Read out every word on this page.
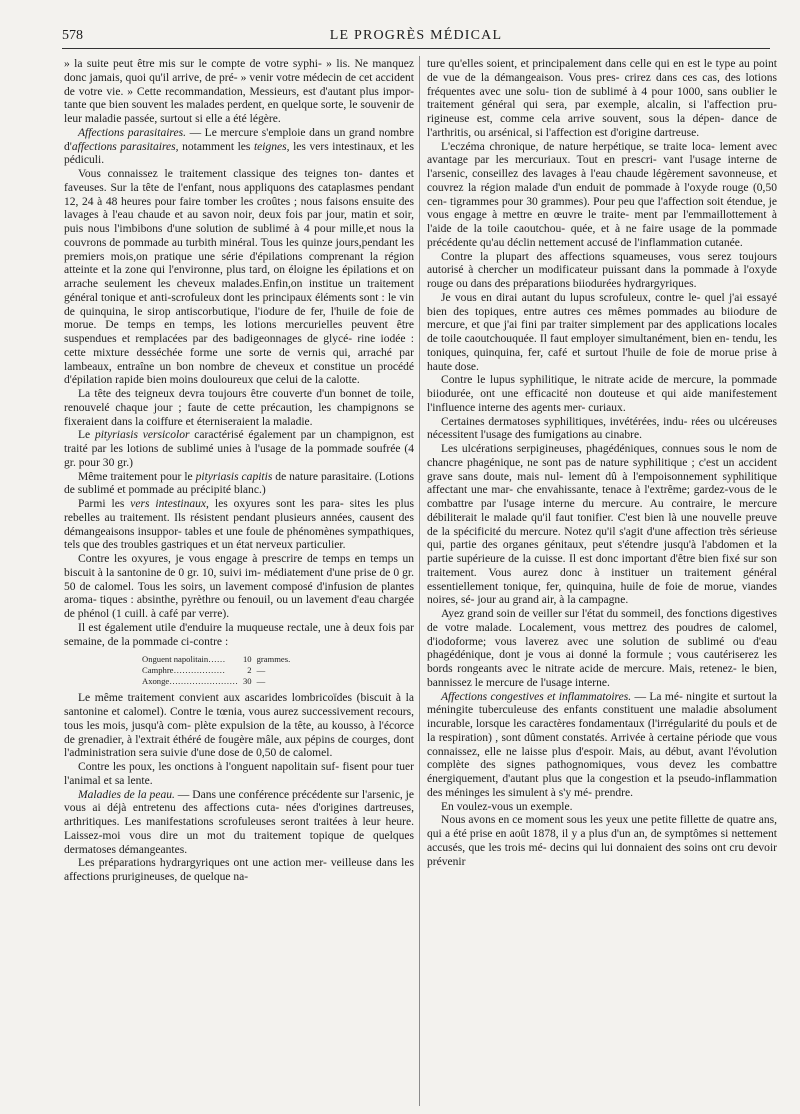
578	LE PROGRÈS MÉDICAL

» la suite peut être mis sur le compte de votre syphi- » lis. Ne manquez donc jamais, quoi qu'il arrive, de pré- » venir votre médecin de cet accident de votre vie. » Cette recommandation, Messieurs, est d'autant plus impor- tante que bien souvent les malades perdent, en quelque sorte, le souvenir de leur maladie passée, surtout si elle a été légère.

Affections parasitaires. — Le mercure s'emploie dans un grand nombre d'affections parasitaires, notamment les teignes, les vers intestinaux, et les pédiculi.

Vous connaissez le traitement classique des teignes ton- dantes et faveuses. Sur la tête de l'enfant, nous appliquons des cataplasmes pendant 12, 24 à 48 heures pour faire tomber les croûtes ; nous faisons ensuite des lavages à l'eau chaude et au savon noir, deux fois par jour, matin et soir, puis nous l'imbibons d'une solution de sublimé à 4 pour mille,et nous la couvrons de pommade au turbith minéral. Tous les quinze jours,pendant les premiers mois,on pratique une série d'épilations comprenant la région atteinte et la zone qui l'environne, plus tard, on éloigne les épilations et on arrache seulement les cheveux malades.Enfin,on institue un traitement général tonique et anti-scrofuleux dont les principaux éléments sont : le vin de quinquina, le sirop antiscorbutique, l'iodure de fer, l'huile de foie de morue. De temps en temps, les lotions mercurielles peuvent être suspendues et remplacées par des badigeonnages de glycé- rine iodée : cette mixture desséchée forme une sorte de vernis qui, arraché par lambeaux, entraîne un bon nombre de cheveux et constitue un procédé d'épilation rapide bien moins douloureux que celui de la calotte.

La tête des teigneux devra toujours être couverte d'un bonnet de toile, renouvelé chaque jour ; faute de cette précaution, les champignons se fixeraient dans la coiffure et éterniseraient la maladie.

Le pityriasis versicolor caractérisé également par un champignon, est traité par les lotions de sublimé unies à l'usage de la pommade soufrée (4 gr. pour 30 gr.)

Même traitement pour le pityriasis capitis de nature parasitaire. (Lotions de sublimé et pommade au précipité blanc.)

Parmi les vers intestinaux, les oxyures sont les para- sites les plus rebelles au traitement. Ils résistent pendant plusieurs années, causent des démangeaisons insuppor- tables et une foule de phénomènes sympathiques, tels que des troubles gastriques et un état nerveux particulier.

Contre les oxyures, je vous engage à prescrire de temps en temps un biscuit à la santonine de 0 gr. 10, suivi im- médiatement d'une prise de 0 gr. 50 de calomel. Tous les soirs, un lavement composé d'infusion de plantes aroma- tiques : absinthe, pyrèthre ou fenouil, ou un lavement d'eau chargée de phénol (1 cuill. à café par verre).

Il est également utile d'enduire la muqueuse rectale, une à deux fois par semaine, de la pommade ci-contre :

Onguent napolitain……	10	grammes.
Camphre………………	2	—
Axonge……………………	30	—

Le même traitement convient aux ascarides lombricoïdes (biscuit à la santonine et calomel). Contre le tœnia, vous aurez successivement recours, tous les mois, jusqu'à com- plète expulsion de la tête, au kousso, à l'écorce de grenadier, à l'extrait éthéré de fougère mâle, aux pépins de courges, dont l'administration sera suivie d'une dose de 0,50 de calomel.

Contre les poux, les onctions à l'onguent napolitain suf- fisent pour tuer l'animal et sa lente.

Maladies de la peau. — Dans une conférence précédente sur l'arsenic, je vous ai déjà entretenu des affections cuta- nées d'origines dartreuses, arthritiques. Les manifestations scrofuleuses seront traitées à leur heure. Laissez-moi vous dire un mot du traitement topique de quelques dermatoses démangeantes.

Les préparations hydrargyriques ont une action mer- veilleuse dans les affections prurigineuses, de quelque na-

ture qu'elles soient, et principalement dans celle qui en est le type au point de vue de la démangeaison. Vous pres- crirez dans ces cas, des lotions fréquentes avec une solu- tion de sublimé à 4 pour 1000, sans oublier le traitement général qui sera, par exemple, alcalin, si l'affection pru- rigineuse est, comme cela arrive souvent, sous la dépen- dance de l'arthritis, ou arsénical, si l'affection est d'origine dartreuse.

L'eczéma chronique, de nature herpétique, se traite loca- lement avec avantage par les mercuriaux. Tout en prescri- vant l'usage interne de l'arsenic, conseillez des lavages à l'eau chaude légèrement savonneuse, et couvrez la région malade d'un enduit de pommade à l'oxyde rouge (0,50 cen- tigrammes pour 30 grammes). Pour peu que l'affection soit étendue, je vous engage à mettre en œuvre le traite- ment par l'emmaillottement à l'aide de la toile caoutchou- quée, et à ne faire usage de la pommade précédente qu'au déclin nettement accusé de l'inflammation cutanée.

Contre la plupart des affections squameuses, vous serez toujours autorisé à chercher un modificateur puissant dans la pommade à l'oxyde rouge ou dans des préparations biiodurées hydrargyriques.

Je vous en dirai autant du lupus scrofuleux, contre le- quel j'ai essayé bien des topiques, entre autres ces mêmes pommades au biiodure de mercure, et que j'ai fini par traiter simplement par des applications locales de toile caoutchouquée. Il faut employer simultanément, bien en- tendu, les toniques, quinquina, fer, café et surtout l'huile de foie de morue prise à haute dose.

Contre le lupus syphilitique, le nitrate acide de mercure, la pommade biiodurée, ont une efficacité non douteuse et qui aide manifestement l'influence interne des agents mer- curiaux.

Certaines dermatoses syphilitiques, invétérées, indu- rées ou ulcéreuses nécessitent l'usage des fumigations au cinabre.

Les ulcérations serpigineuses, phagédéniques, connues sous le nom de chancre phagénique, ne sont pas de nature syphilitique ; c'est un accident grave sans doute, mais nul- lement dû à l'empoisonnement syphilitique affectant une mar- che envahissante, tenace à l'extrême; gardez-vous de le combattre par l'usage interne du mercure. Au contraire, le mercure débiliterait le malade qu'il faut tonifier. C'est bien là une nouvelle preuve de la spécificité du mercure. Notez qu'il s'agit d'une affection très sérieuse qui, partie des organes génitaux, peut s'étendre jusqu'à l'abdomen et la partie supérieure de la cuisse. Il est donc important d'être bien fixé sur son traitement. Vous aurez donc à instituer un traitement général essentiellement tonique, fer, quinquina, huile de foie de morue, viandes noires, sé- jour au grand air, à la campagne.

Ayez grand soin de veiller sur l'état du sommeil, des fonctions digestives de votre malade. Localement, vous mettrez des poudres de calomel, d'iodoforme; vous laverez avec une solution de sublimé ou d'eau phagédénique, dont je vous ai donné la formule ; vous cautériserez les bords rongeants avec le nitrate acide de mercure. Mais, retenez- le bien, bannissez le mercure de l'usage interne.

Affections congestives et inflammatoires. — La mé- ningite et surtout la méningite tuberculeuse des enfants constituent une maladie absolument incurable, lorsque les caractères fondamentaux (l'irrégularité du pouls et de la respiration) , sont dûment constatés. Arrivée à certaine période que vous connaissez, elle ne laisse plus d'espoir. Mais, au début, avant l'évolution complète des signes pathognomiques, vous devez les combattre énergiquement, d'autant plus que la congestion et la pseudo-inflammation des méninges les simulent à s'y mé- prendre.

En voulez-vous un exemple.

Nous avons en ce moment sous les yeux une petite fillette de quatre ans, qui a été prise en août 1878, il y a plus d'un an, de symptômes si nettement accusés, que les trois mé- decins qui lui donnaient des soins ont cru devoir prévenir
